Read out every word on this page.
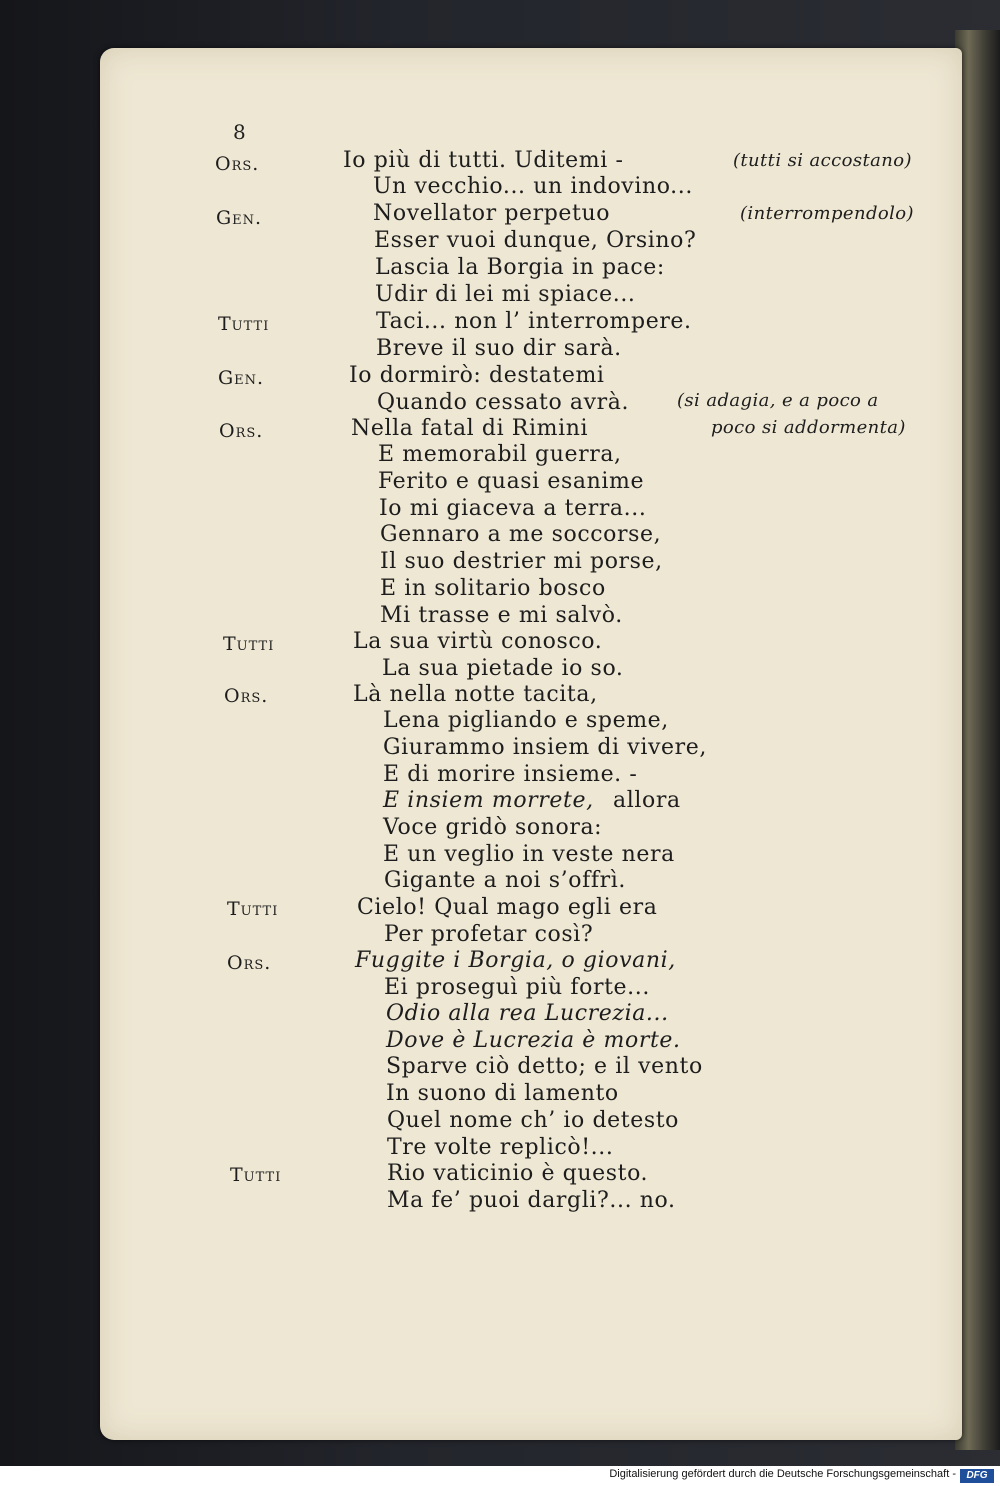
8
Ors.
Gen.
Tutti
Gen.
Ors.
Tutti
Ors.
Tutti
Ors.
Tutti
Io più di tutti. Uditemi -
Un vecchio... un indovino...
Novellator perpetuo
Esser vuoi dunque, Orsino?
Lascia la Borgia in pace:
Udir di lei mi spiace...
Taci... non l’ interrompere.
Breve il suo dir sarà.
Io dormirò: destatemi
Quando cessato avrà.
Nella fatal di Rimini
E memorabil guerra,
Ferito e quasi esanime
Io mi giaceva a terra...
Gennaro a me soccorse,
Il suo destrier mi porse,
E in solitario bosco
Mi trasse e mi salvò.
La sua virtù conosco.
La sua pietade io so.
Là nella notte tacita,
Lena pigliando e speme,
Giurammo insiem di vivere,
E di morire insieme. -
E insiem morrete, allora
Voce gridò sonora:
E un veglio in veste nera
Gigante a noi s’offrì.
Cielo! Qual mago egli era
Per profetar così?
Fuggite i Borgia, o giovani,
Ei proseguì più forte...
Odio alla rea Lucrezia...
Dove è Lucrezia è morte.
Sparve ciò detto; e il vento
In suono di lamento
Quel nome ch’ io detesto
Tre volte replicò!...
Rio vaticinio è questo.
Ma fe’ puoi dargli?... no.
(tutti si accostano)
(interrompendolo)
(si adagia, e a poco a
poco si addormenta)
Digitalisierung gefördert durch die Deutsche Forschungsgemeinschaft -	DFG
